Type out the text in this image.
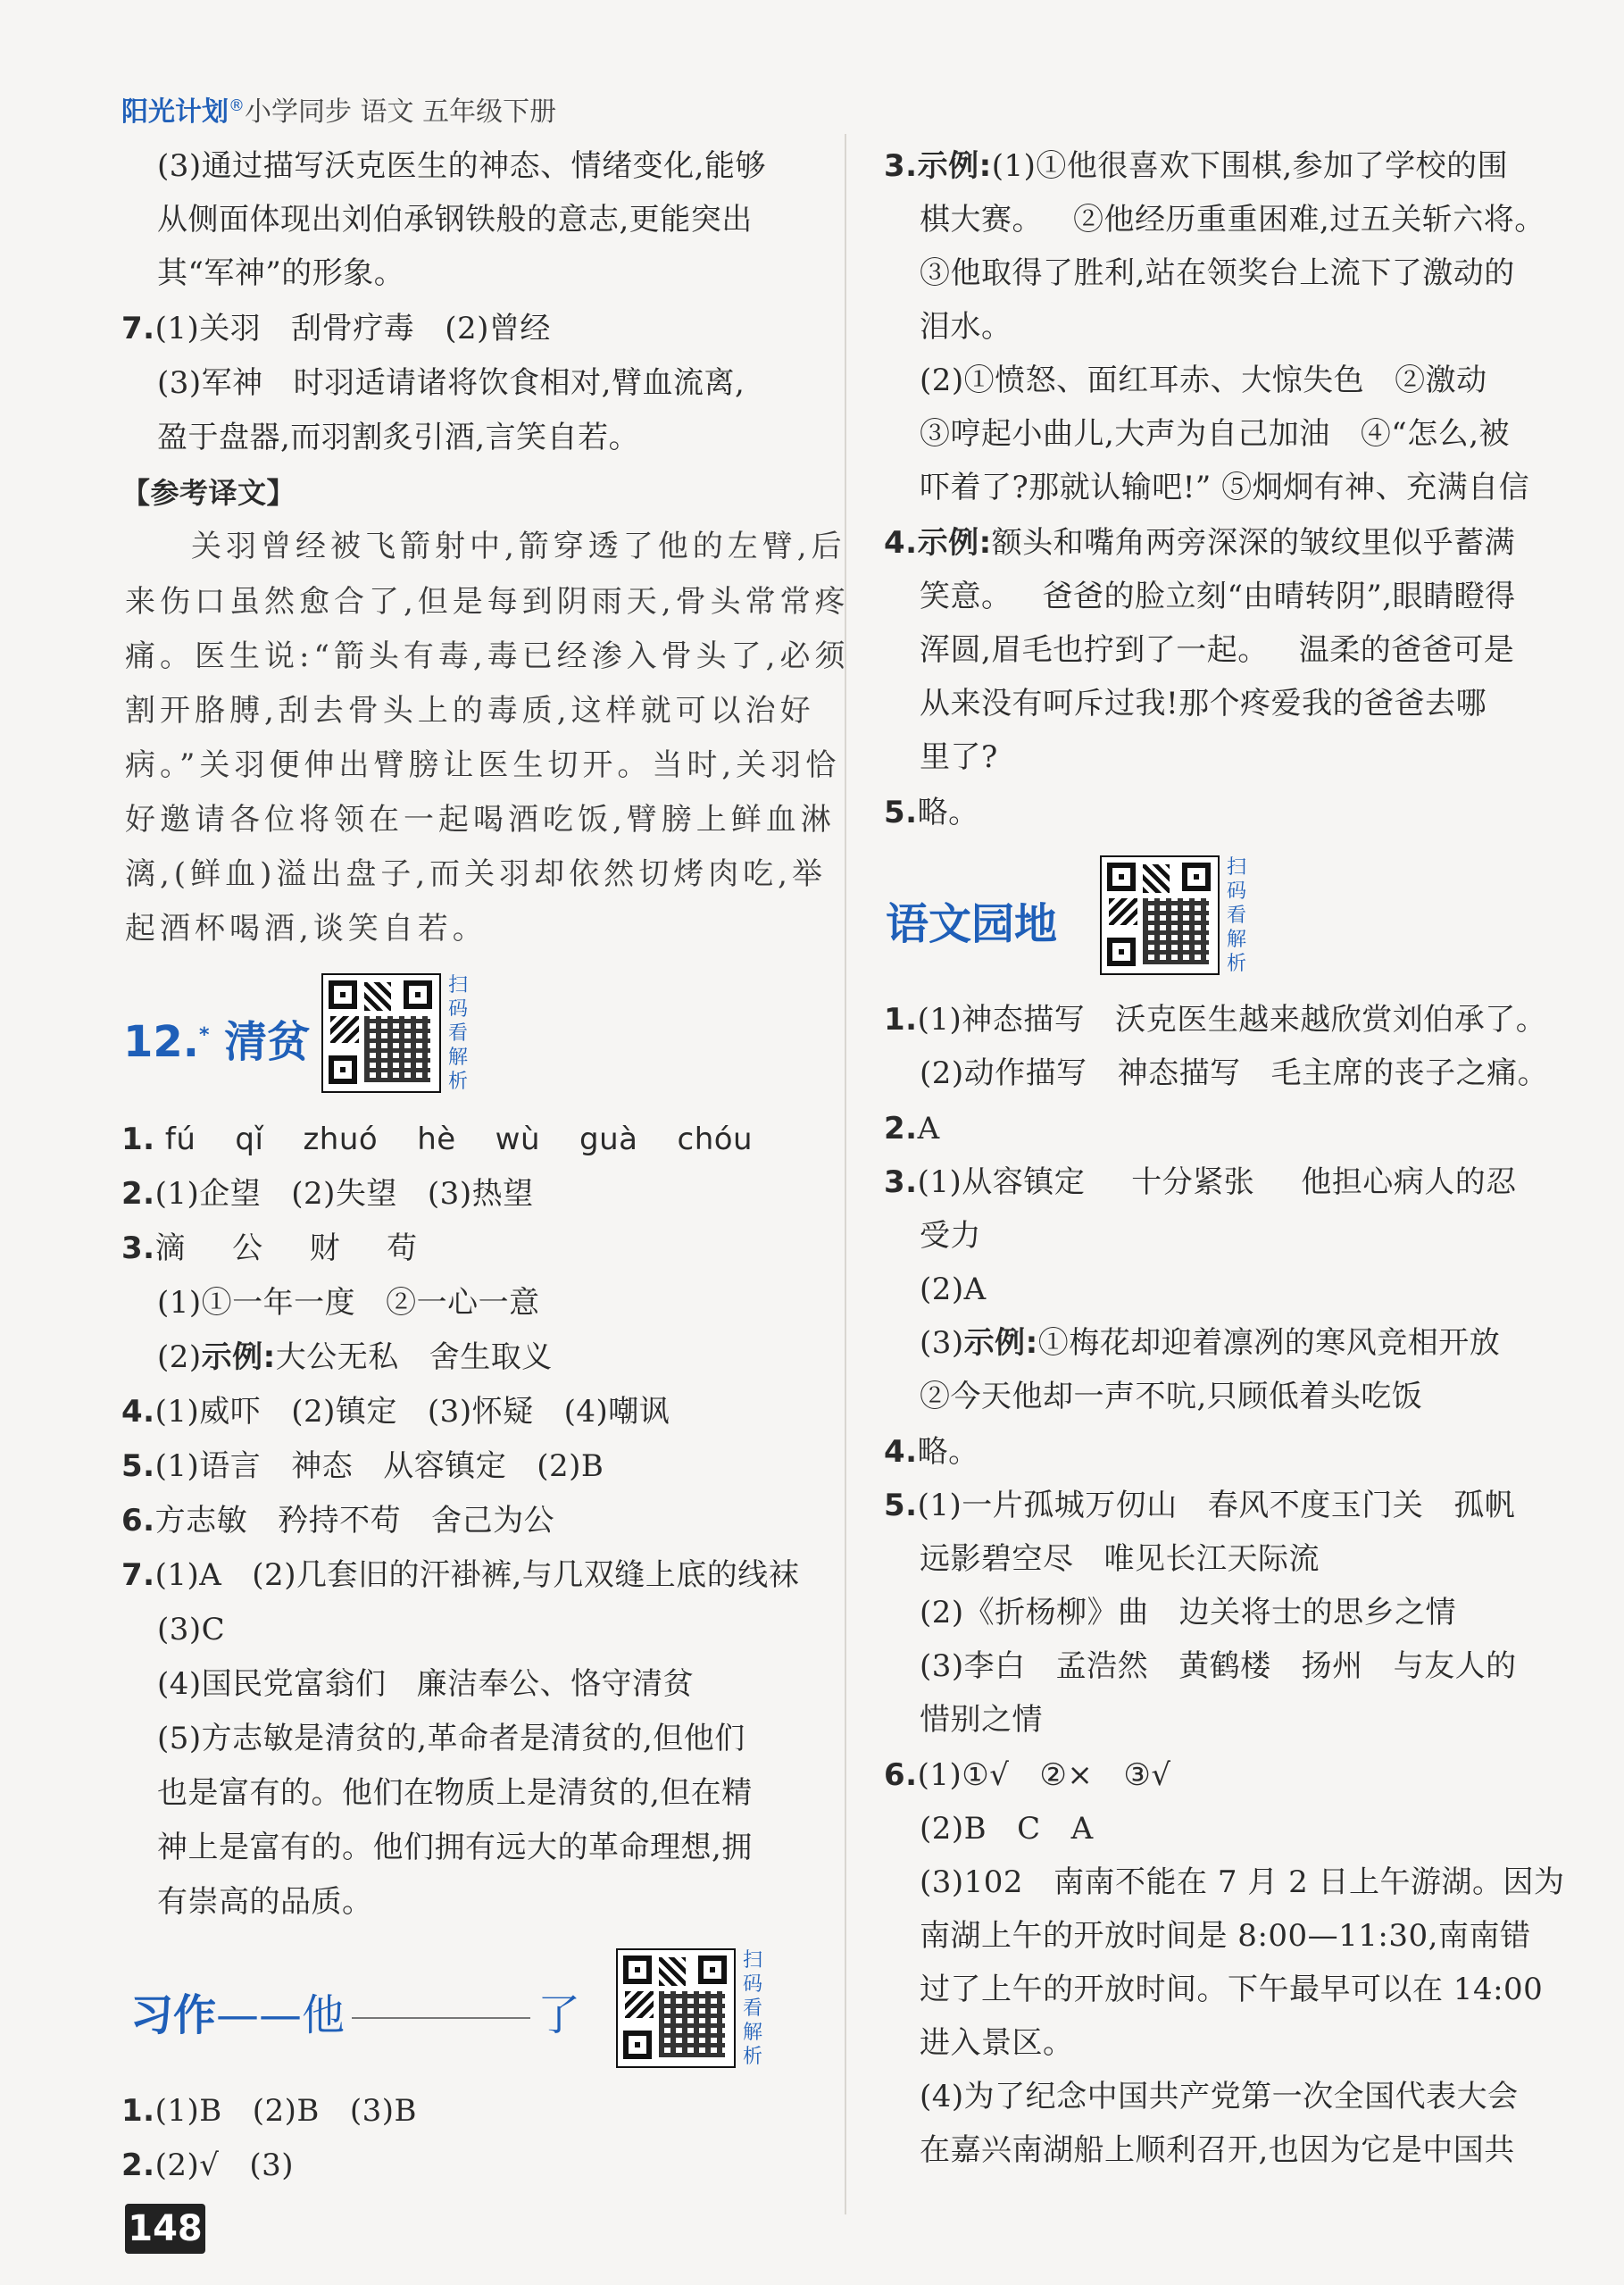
阳光计划®小学同步 语文 五年级下册
(3)通过描写沃克医生的神态、情绪变化,能够
从侧面体现出刘伯承钢铁般的意志,更能突出
其“军神”的形象。
7.(1)关羽 刮骨疗毒 (2)曾经
(3)军神 时羽适请诸将饮食相对,臂血流离,
盈于盘器,而羽割炙引酒,言笑自若。
【参考译文】
关羽曾经被飞箭射中,箭穿透了他的左臂,后
来伤口虽然愈合了,但是每到阴雨天,骨头常常疼
痛。医生说:“箭头有毒,毒已经渗入骨头了,必须
割开胳膊,刮去骨头上的毒质,这样就可以治好
病。”关羽便伸出臂膀让医生切开。当时,关羽恰
好邀请各位将领在一起喝酒吃饭,臂膀上鲜血淋
漓,(鲜血)溢出盘子,而关羽却依然切烤肉吃,举
起酒杯喝酒,谈笑自若。
12.* 清贫
扫码看解析
1. fú qǐ zhuó hè wù guà chóu
2.(1)企望 (2)失望 (3)热望
3.滴 公 财 苟
(1)①一年一度 ②一心一意
(2)示例:大公无私 舍生取义
4.(1)威吓 (2)镇定 (3)怀疑 (4)嘲讽
5.(1)语言 神态 从容镇定 (2)B
6.方志敏 矜持不苟 舍己为公
7.(1)A (2)几套旧的汗褂裤,与几双缝上底的线袜
(3)C
(4)国民党富翁们 廉洁奉公、恪守清贫
(5)方志敏是清贫的,革命者是清贫的,但他们
也是富有的。他们在物质上是清贫的,但在精
神上是富有的。他们拥有远大的革命理想,拥
有崇高的品质。
习作——他	了
扫码看解析
1.(1)B (2)B (3)B
2.(2)√ (3)
3.示例:(1)①他很喜欢下围棋,参加了学校的围
棋大赛。 ②他经历重重困难,过五关斩六将。
③他取得了胜利,站在领奖台上流下了激动的
泪水。
(2)①愤怒、面红耳赤、大惊失色 ②激动
③哼起小曲儿,大声为自己加油 ④“怎么,被
吓着了?那就认输吧!” ⑤炯炯有神、充满自信
4.示例:额头和嘴角两旁深深的皱纹里似乎蓄满
笑意。 爸爸的脸立刻“由晴转阴”,眼睛瞪得
浑圆,眉毛也拧到了一起。 温柔的爸爸可是
从来没有呵斥过我!那个疼爱我的爸爸去哪
里了?
5.略。
语文园地
扫码看解析
1.(1)神态描写 沃克医生越来越欣赏刘伯承了。
(2)动作描写 神态描写 毛主席的丧子之痛。
2.A
3.(1)从容镇定 十分紧张 他担心病人的忍
受力
(2)A
(3)示例:①梅花却迎着凛冽的寒风竞相开放
②今天他却一声不吭,只顾低着头吃饭
4.略。
5.(1)一片孤城万仞山 春风不度玉门关 孤帆
远影碧空尽 唯见长江天际流
(2)《折杨柳》曲 边关将士的思乡之情
(3)李白 孟浩然 黄鹤楼 扬州 与友人的
惜别之情
6.(1)①√ ②× ③√
(2)B C A
(3)102 南南不能在 7 月 2 日上午游湖。因为
南湖上午的开放时间是 8:00—11:30,南南错
过了上午的开放时间。下午最早可以在 14:00
进入景区。
(4)为了纪念中国共产党第一次全国代表大会
在嘉兴南湖船上顺利召开,也因为它是中国共
148
